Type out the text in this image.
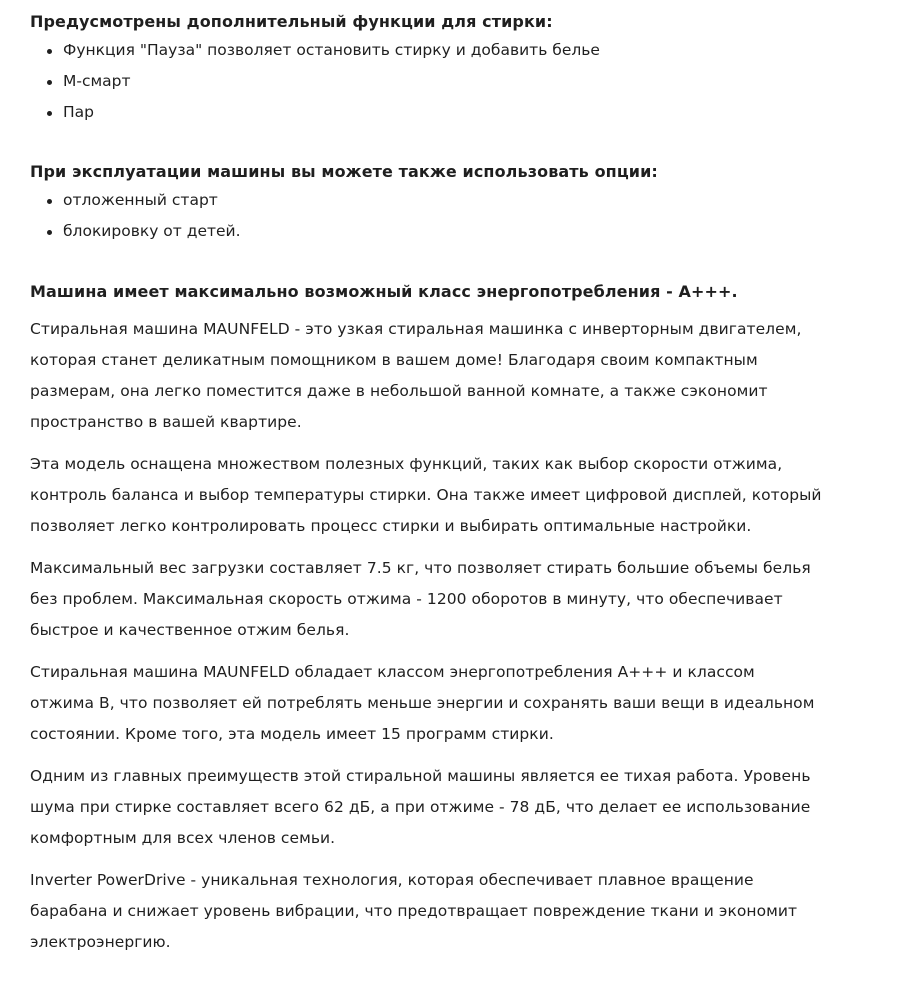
Предусмотрены дополнительный функции для стирки:
Функция "Пауза" позволяет остановить стирку и добавить белье
М-смарт
Пар
При эксплуатации машины вы можете также использовать опции:
отложенный старт
блокировку от детей.
Машина имеет максимально возможный класс энергопотребления - А+++.

Стиральная машина MAUNFELD - это узкая стиральная машинка с инверторным двигателем,
которая станет деликатным помощником в вашем доме! Благодаря своим компактным
размерам, она легко поместится даже в небольшой ванной комнате, а также сэкономит
пространство в вашей квартире.

Эта модель оснащена множеством полезных функций, таких как выбор скорости отжима,
контроль баланса и выбор температуры стирки. Она также имеет цифровой дисплей, который
позволяет легко контролировать процесс стирки и выбирать оптимальные настройки.

Максимальный вес загрузки составляет 7.5 кг, что позволяет стирать большие объемы белья
без проблем. Максимальная скорость отжима - 1200 оборотов в минуту, что обеспечивает
быстрое и качественное отжим белья.

Стиральная машина MAUNFELD обладает классом энергопотребления А+++ и классом
отжима В, что позволяет ей потреблять меньше энергии и сохранять ваши вещи в идеальном
состоянии. Кроме того, эта модель имеет 15 программ стирки.

Одним из главных преимуществ этой стиральной машины является ее тихая работа. Уровень
шума при стирке составляет всего 62 дБ, а при отжиме - 78 дБ, что делает ее использование
комфортным для всех членов семьи.

Inverter PowerDrive - уникальная технология, которая обеспечивает плавное вращение
барабана и снижает уровень вибрации, что предотвращает повреждение ткани и экономит
электроэнергию.
